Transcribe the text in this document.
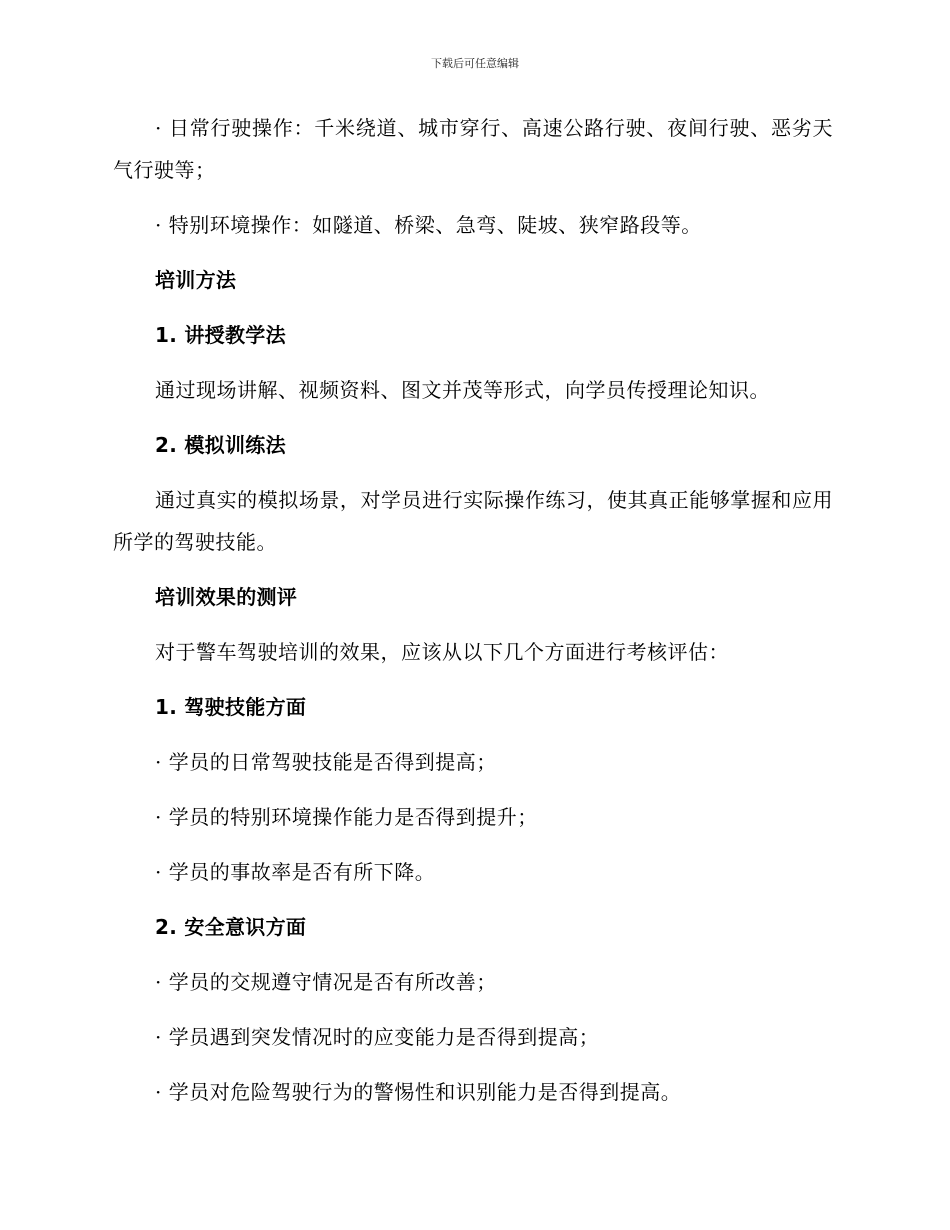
下载后可任意编辑

· 日常行驶操作：千米绕道、城市穿行、高速公路行驶、夜间行驶、恶劣天气行驶等；

· 特别环境操作：如隧道、桥梁、急弯、陡坡、狭窄路段等。

培训方法

1. 讲授教学法

通过现场讲解、视频资料、图文并茂等形式，向学员传授理论知识。

2. 模拟训练法

通过真实的模拟场景，对学员进行实际操作练习，使其真正能够掌握和应用所学的驾驶技能。

培训效果的测评

对于警车驾驶培训的效果，应该从以下几个方面进行考核评估：

1. 驾驶技能方面

· 学员的日常驾驶技能是否得到提高；

· 学员的特别环境操作能力是否得到提升；

· 学员的事故率是否有所下降。

2. 安全意识方面

· 学员的交规遵守情况是否有所改善；

· 学员遇到突发情况时的应变能力是否得到提高；

· 学员对危险驾驶行为的警惕性和识别能力是否得到提高。
